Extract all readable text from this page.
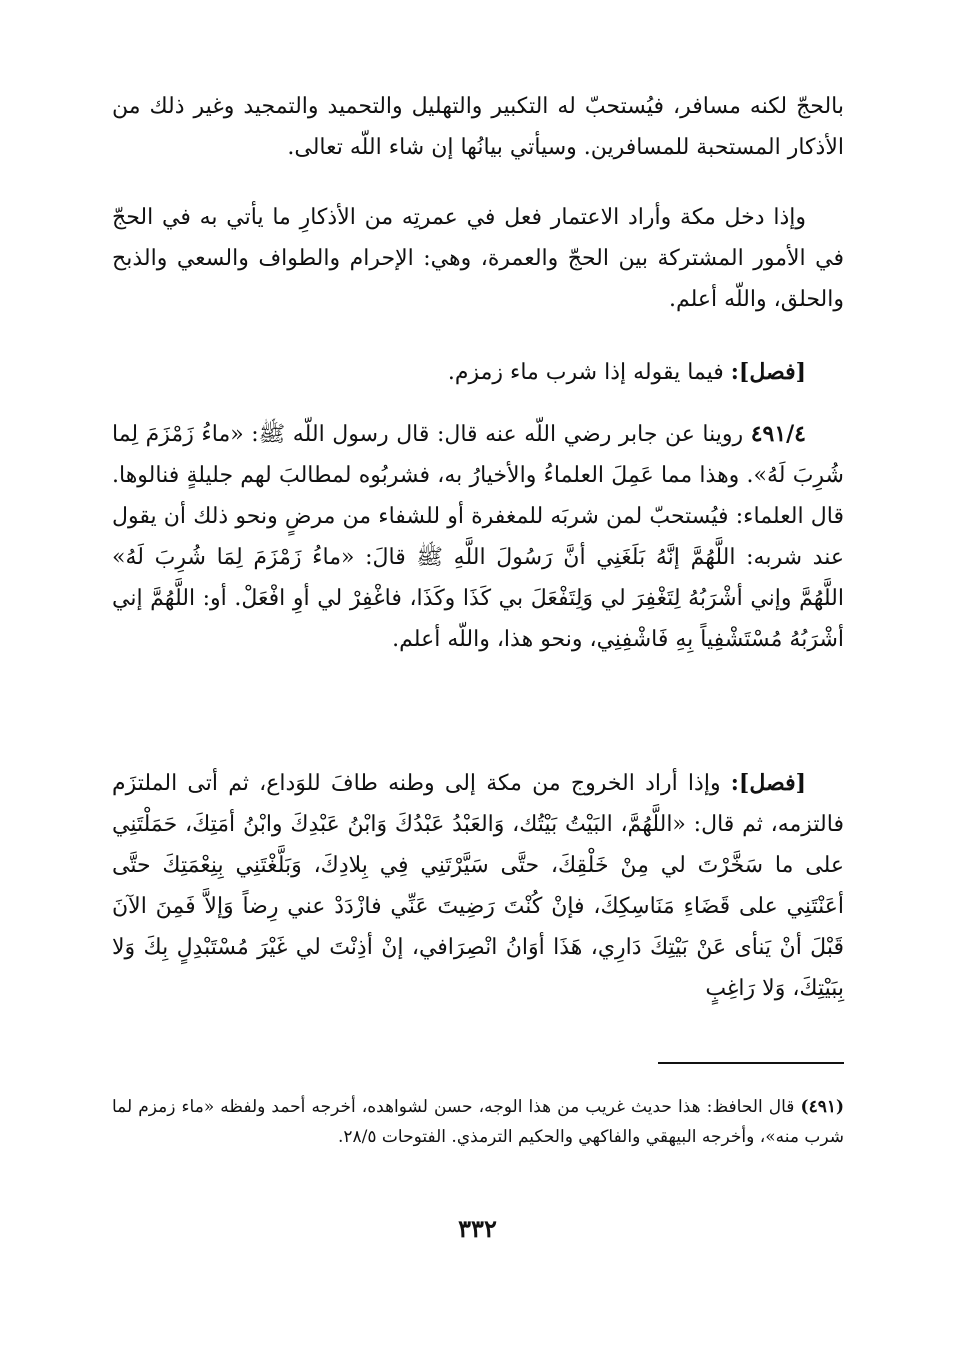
بالحجّ لكنه مسافر، فيُستحبّ له التكبير والتهليل والتحميد والتمجيد وغير ذلك من الأذكار المستحبة للمسافرين. وسيأتي بيانُها إن شاء اللّه تعالى.

وإذا دخل مكة وأراد الاعتمار فعل في عمرتِه من الأذكارِ ما يأتي به في الحجّ في الأمور المشتركة بين الحجّ والعمرة، وهي: الإحرام والطواف والسعي والذبح والحلق، واللّه أعلم.

[فصل]: فيما يقوله إذا شرب ماء زمزم.

٤٩١/٤ روينا عن جابر رضي اللّه عنه قال: قال رسول اللّه ﷺ: «ماءُ زَمْزَمَ لِما شُرِبَ لَهُ». وهذا مما عَمِلَ العلماءُ والأخيارُ به، فشربُوه لمطالبَ لهم جليلةٍ فنالوها. قال العلماء: فيُستحبّ لمن شربَه للمغفرة أو للشفاء من مرضٍ ونحو ذلك أن يقول عند شربه: اللَّهُمَّ إنَّهُ بَلَغَنِي أنَّ رَسُولَ اللَّهِ ﷺ قالَ: «ماءُ زَمْزَمَ لِمَا شُرِبَ لَهُ» اللَّهُمَّ وإني أشْرَبُهُ لِتَغْفِرَ لي وَلِتَفْعَلَ بي كَذَا وكَذَا، فاغْفِرْ لي أوِ افْعَلْ. أو: اللَّهُمَّ إني أشْرَبُهُ مُسْتَشْفِياً بِهِ فَاشْفِنِي، ونحو هذا، واللّه أعلم.

[فصل]: وإذا أراد الخروج من مكة إلى وطنه طافَ للوَداع، ثم أتى الملتزَم فالتزمه، ثم قال: «اللَّهُمَّ، البَيْتُ بَيْتُك، وَالعَبْدُ عَبْدُكَ وَابْنُ عَبْدِكَ وابْنُ أمَتِكَ، حَمَلْتَنِي على ما سَخَّرْتَ لي مِنْ خَلْقِكَ، حتَّى سَيَّرْتَنِي فِي بِلادِكَ، وَبَلَّغْتَنِي بِنِعْمَتِكَ حتَّى أعَنْتَنِي على قَضَاءِ مَنَاسِكِكَ، فإنْ كُنْتَ رَضِيتَ عَنِّي فازْدَدْ عني رِضاً وَإلاَّ فَمِنَ الآنَ قَبْلَ أنْ يَنأى عَنْ بَيْتِكَ دَارِي، هَذَا أوَانُ انْصِرَافي، إنْ أذِنْتَ لي غَيْرَ مُسْتَبْدِلٍ بِكَ وَلا بِبَيْتِكَ، وَلا رَاغِبٍ

(٤٩١) قال الحافظ: هذا حديث غريب من هذا الوجه، حسن لشواهده، أخرجه أحمد ولفظه «ماء زمزم لما شرب منه»، وأخرجه البيهقي والفاكهي والحكيم الترمذي. الفتوحات ٢٨/٥.

٣٣٢
